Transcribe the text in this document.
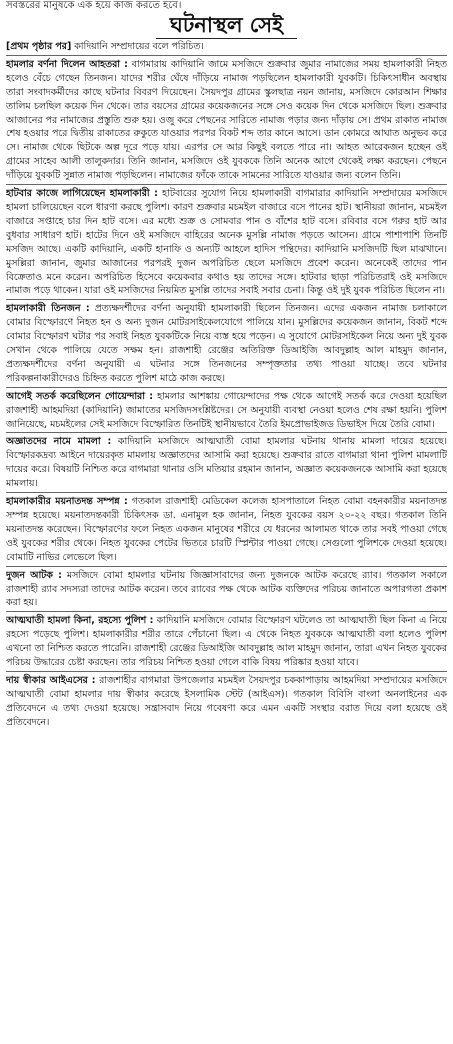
সবস্তরের মানুষকে এক হয়ে কাজ করতে হবে।
ঘটনাস্থল সেই

[প্রথম পৃষ্ঠার পর] কাদিয়ানি সম্প্রদায়ের বলে পরিচিত।

হামলার বর্ণনা দিলেন আহতরা : বাগমারায় কাদিয়ানি জামে মসজিদে শুক্রবার জুমার নামাজের সময় হামলাকারী নিহত হলেও বেঁচে গেছেন তিনজন। যাদের শরীর ঘেঁষে দাঁড়িয়ে নামাজ পড়ছিলেন হামলাকারী যুবকটি। চিকিৎসাধীন অবস্থায় তারা সংবাদকর্মীদের কাছে ঘটনার বিবরণ দিয়েছেন। সৈয়দপুর গ্রামের স্কুলছাত্র নয়ন জানায়, মসজিদে কোরআন শিক্ষার তালিম চলছিল কয়েক দিন থেকে। তার বয়সের গ্রামের কয়েকজনের সঙ্গে সেও কয়েক দিন থেকে মসজিদে ছিল। শুক্রবার আজানের পর নামাজের প্রস্তুতি শুরু হয়। ওজু করে পেছনের সারিতে নামাজ পড়ার জন্য দাঁড়ায় সে। প্রথম রাকাত নামাজ শেষ হওয়ার পরে দ্বিতীয় রাকাতের রুকুতে যাওয়ার পরপর বিকট শব্দ তার কানে আসে। ডান কোমরে আঘাত অনুভব করে সে। নামাজ থেকে ছিটকে অল্প দূরে পড়ে যায়। এরপর সে আর কিছুই বলতে পারে না। আহত আরেকজন হচ্ছেন ওই গ্রামের সাহেব আলী তালুকদার। তিনি জানান, মসজিদে ওই যুবককে তিনি অনেক আগে থেকেই লক্ষ্য করছেন। পেছনে দাঁড়িয়ে যুবকটি সুন্নাত নামাজ পড়ছিলেন। নামাজের ফাঁকে তাকে সামনের সারিতে যাওয়ার জন্য বলেন তিনি।

হাটবার কাজে লাগিয়েছেন হামলাকারী : হাটবারের সুযোগ নিয়ে হামলাকারী বাগমারার কাদিয়ানি সম্প্রদায়ের মসজিদে হামলা চালিয়েছেন বলে ধারণা করছে পুলিশ। কারণ শুক্রবার মচমইল বাজারে বসে পানের হাট। স্থানীয়রা জানান, মচমইল বাজারে সপ্তাহে চার দিন হাট বসে। এর মধ্যে শুক্র ও সোমবার পান ও বাঁশের হাট বসে। রবিবার বসে গরুর হাট আর বুধবার সাধারণ হাট। হাটের দিনে ওই মসজিদে বাহিরের অনেক মুসল্লি নামাজ পড়তে আসেন। গ্রামে পাশাপাশি তিনটি মসজিদ আছে। একটি কাদিয়ানি, একটি হানাফি ও অন্যটি আহলে হাদিস পন্থিদের। কাদিয়ানি মসজিদটি ছিল মাঝখানে। মুসল্লিরা জানান, জুমার আজানের পরপরই দুজন অপরিচিত ছেলে মসজিদে প্রবেশ করেন। অনেকেই তাদের পান বিক্রেতাও মনে করেন। অপরিচিত হিসেবে কয়েকবার কথাও হয় তাদের সঙ্গে। হাটবার ছাড়া পরিচিতরাই ওই মসজিদে নামাজ পড়ে থাকেন। যারা ওই মসজিদের নিয়মিত মুসল্লি তাদের সবাই সবার চেনা। কিন্তু ওই দুই যুবক পরিচিত ছিলেন না।

হামলাকারী তিনজন : প্রত্যক্ষদর্শীদের বর্ণনা অনুযায়ী হামলাকারী ছিলেন তিনজন। এদের একজন নামাজ চলাকালে বোমার বিস্ফোরণে নিহত হন ও অন্য দুজন মোটরসাইকেলযোগে পালিয়ে যান। মুসল্লিদের কয়েকজন জানান, বিকট শব্দে বোমার বিস্ফোরণ ঘটার পর সবাই নিহত যুবকটিকে নিয়ে ব্যস্ত হয়ে পড়েন। এ সুযোগে মোটরসাইকেল নিয়ে অন্য দুই যুবক সেখান থেকে পালিয়ে যেতে সক্ষম হন। রাজশাহী রেঞ্জের অতিরিক্ত ডিআইজি আবদুল্লাহ আল মাহমুদ জানান, প্রত্যক্ষদর্শীদের বর্ণনা অনুযায়ী এ ঘটনার সঙ্গে তিনজনের সম্পৃক্ততার তথ্য পাওয়া যাচ্ছে। তবে ঘটনার পরিকল্পনাকারীদেরও চিহ্নিত করতে পুলিশ মাঠে কাজ করছে।

আগেই সতর্ক করেছিলেন গোয়েন্দারা : হামলার আশঙ্কায় গোয়েন্দাদের পক্ষ থেকে আগেই সতর্ক করে দেওয়া হয়েছিল রাজশাহী আহমদিয়া (কাদিয়ানি) জামাতের মসজিদসংশ্লিষ্টদের। সে অনুযায়ী ব্যবস্থা নেওয়া হলেও শেষ রক্ষা হয়নি। পুলিশ জানিয়েছে, মচমইলের সেই মসজিদে বিস্ফোরিত তিনটিই স্থানীয়ভাবে তৈরি ইমপ্রোভাইজড ডিভাইস দিয়ে তৈরি বোমা।

অজ্ঞাতদের নামে মামলা : কাদিয়ানি মসজিদে আত্মঘাতী বোমা হামলার ঘটনায় থানায় মামলা দায়ের হয়েছে। বিস্ফোরকদ্রব্য আইনে দায়েরকৃত মামলায় অজ্ঞাতদের আসামি করা হয়েছে। শুক্রবার রাতে বাগমারা থানা পুলিশ মামলাটি দায়ের করে। বিষয়টি নিশ্চিত করে বাগমারা থানার ওসি মতিয়ার রহমান জানান, অজ্ঞাত কয়েকজনকে আসামি করা হয়েছে মামলায়।

হামলাকারীর ময়নাতদন্ত সম্পন্ন : গতকাল রাজশাহী মেডিকেল কলেজ হাসপাতালে নিহত বোমা বহনকারীর ময়নাতদন্ত সম্পন্ন হয়েছে। ময়নাতদন্তকারী চিকিৎসক ডা. এনামুল হক জানান, নিহত যুবকের বয়স ২০-২২ বছর। গতকাল তিনি ময়নাতদন্ত করেছেন। বিস্ফোরণের ফলে নিহত একজন মানুষের শরীরে যে ধরনের আলামত থাকে তার সবই পাওয়া গেছে ওই যুবকের শরীর থেকে। নিহত যুবকের পেটের ভিতরে চারটি স্প্লিন্টার পাওয়া গেছে। সেগুলো পুলিশকে দেওয়া হয়েছে। বোমাটি নাভির লেভেলে ছিল।

দুজন আটক : মসজিদে বোমা হামলার ঘটনায় জিজ্ঞাসাবাদের জন্য দুজনকে আটক করেছে র‍্যাব। গতকাল সকালে রাজশাহী র‍্যাব সদস্যরা তাদের আটক করেন। তবে র‍্যাবের পক্ষ থেকে আটক ব্যক্তিদের পরিচয় জানাতে অপারগতা প্রকাশ করা হয়।

আত্মঘাতী হামলা কিনা, রহস্যে পুলিশ : কাদিয়ানি মসজিদে বোমার বিস্ফোরণ ঘটলেও তা আত্মঘাতী ছিল কিনা এ নিয়ে রহস্যে পড়েছে পুলিশ। হামলাকারীর শরীর তারে পেঁচানো ছিল। এ থেকে নিহত যুবককে আত্মঘাতী বলা হলেও পুলিশ এখনো তা নিশ্চিত করতে পারেনি। রাজশাহী রেঞ্জের ডিআইজি আবদুল্লাহ আল মাহমুদ জানান, তারা এখন নিহত যুবকের পরিচয় উদ্ধারের চেষ্টা করছেন। তার পরিচয় নিশ্চিত হওয়া গেলে বাকি বিষয় পরিষ্কার হওয়া যাবে।

দায় স্বীকার আইএসের : রাজশাহীর বাগমারা উপজেলার মচমইল সৈয়দপুর চককাপাড়ায় আহমদিয়া সম্প্রদায়ের মসজিদে আত্মঘাতী বোমা হামলার দায় স্বীকার করেছে ইসলামিক স্টেট (আইএস)। গতকাল বিবিসি বাংলা অনলাইনের এক প্রতিবেদনে এ তথ্য দেওয়া হয়েছে। সন্ত্রাসবাদ নিয়ে গবেষণা করে এমন একটি সংস্থার বরাত দিয়ে বলা হয়েছে ওই প্রতিবেদনে।
